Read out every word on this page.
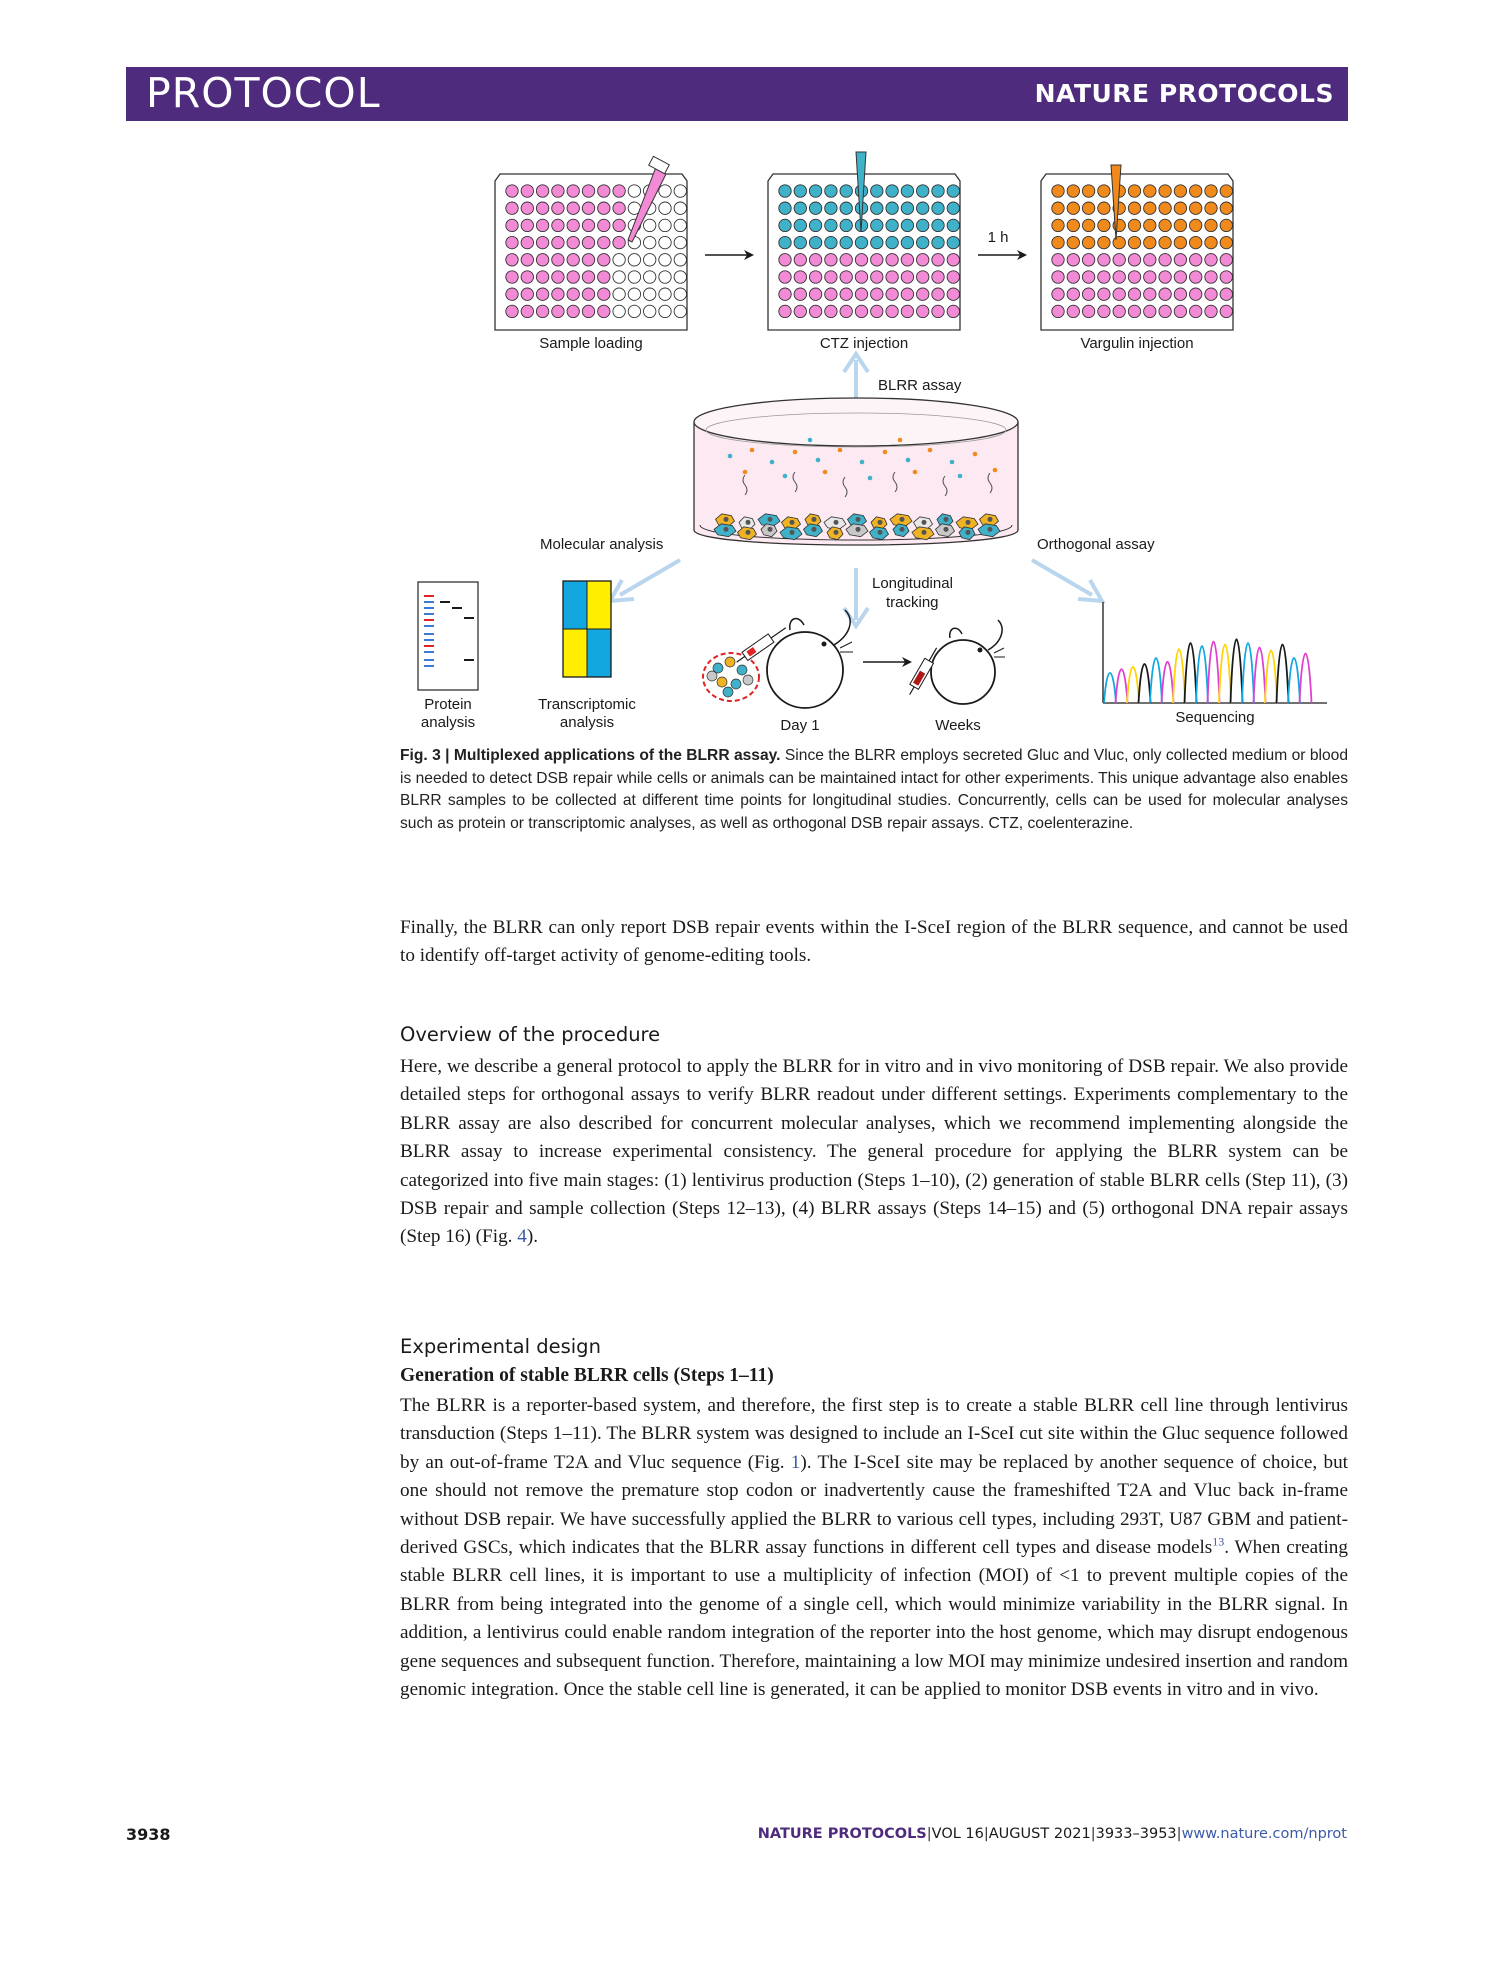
PROTOCOL	NATURE PROTOCOLS
Sample loading	CTZ injection
1 h
Vargulin injection
BLRR assay
Molecular analysis	Orthogonal assay
Longitudinal
tracking
Protein
analysis
Transcriptomic
analysis	Day 1	Weeks	Sequencing
Fig. 3 | Multiplexed applications of the BLRR assay. Since the BLRR employs secreted Gluc and Vluc, only collected medium or blood is needed to detect DSB repair while cells or animals can be maintained intact for other experiments. This unique advantage also enables BLRR samples to be collected at different time points for longitudinal studies. Concurrently, cells can be used for molecular analyses such as protein or transcriptomic analyses, as well as orthogonal DSB repair assays. CTZ, coelenterazine.
Finally, the BLRR can only report DSB repair events within the I-SceI region of the BLRR sequence, and cannot be used to identify off-target activity of genome-editing tools.
Overview of the procedure
Here, we describe a general protocol to apply the BLRR for in vitro and in vivo monitoring of DSB repair. We also provide detailed steps for orthogonal assays to verify BLRR readout under different settings. Experiments complementary to the BLRR assay are also described for concurrent molecular analyses, which we recommend implementing alongside the BLRR assay to increase experimental consistency. The general procedure for applying the BLRR system can be categorized into five main stages: (1) lentivirus production (Steps 1–10), (2) generation of stable BLRR cells (Step 11), (3) DSB repair and sample collection (Steps 12–13), (4) BLRR assays (Steps 14–15) and (5) orthogonal DNA repair assays (Step 16) (Fig. 4).
Experimental design
Generation of stable BLRR cells (Steps 1–11)
The BLRR is a reporter-based system, and therefore, the first step is to create a stable BLRR cell line through lentivirus transduction (Steps 1–11). The BLRR system was designed to include an I-SceI cut site within the Gluc sequence followed by an out-of-frame T2A and Vluc sequence (Fig. 1). The I-SceI site may be replaced by another sequence of choice, but one should not remove the premature stop codon or inadvertently cause the frameshifted T2A and Vluc back in-frame without DSB repair. We have successfully applied the BLRR to various cell types, including 293T, U87 GBM and patient-derived GSCs, which indicates that the BLRR assay functions in different cell types and disease models$^{13}$. When creating stable BLRR cell lines, it is important to use a multiplicity of infection (MOI) of <1 to prevent multiple copies of the BLRR from being integrated into the genome of a single cell, which would minimize variability in the BLRR signal. In addition, a lentivirus could enable random integration of the reporter into the host genome, which may disrupt endogenous gene sequences and subsequent function. Therefore, maintaining a low MOI may minimize undesired insertion and random genomic integration. Once the stable cell line is generated, it can be applied to monitor DSB events in vitro and in vivo.
3938	NATURE PROTOCOLS|VOL 16|AUGUST 2021|3933–3953|www.nature.com/nprot
